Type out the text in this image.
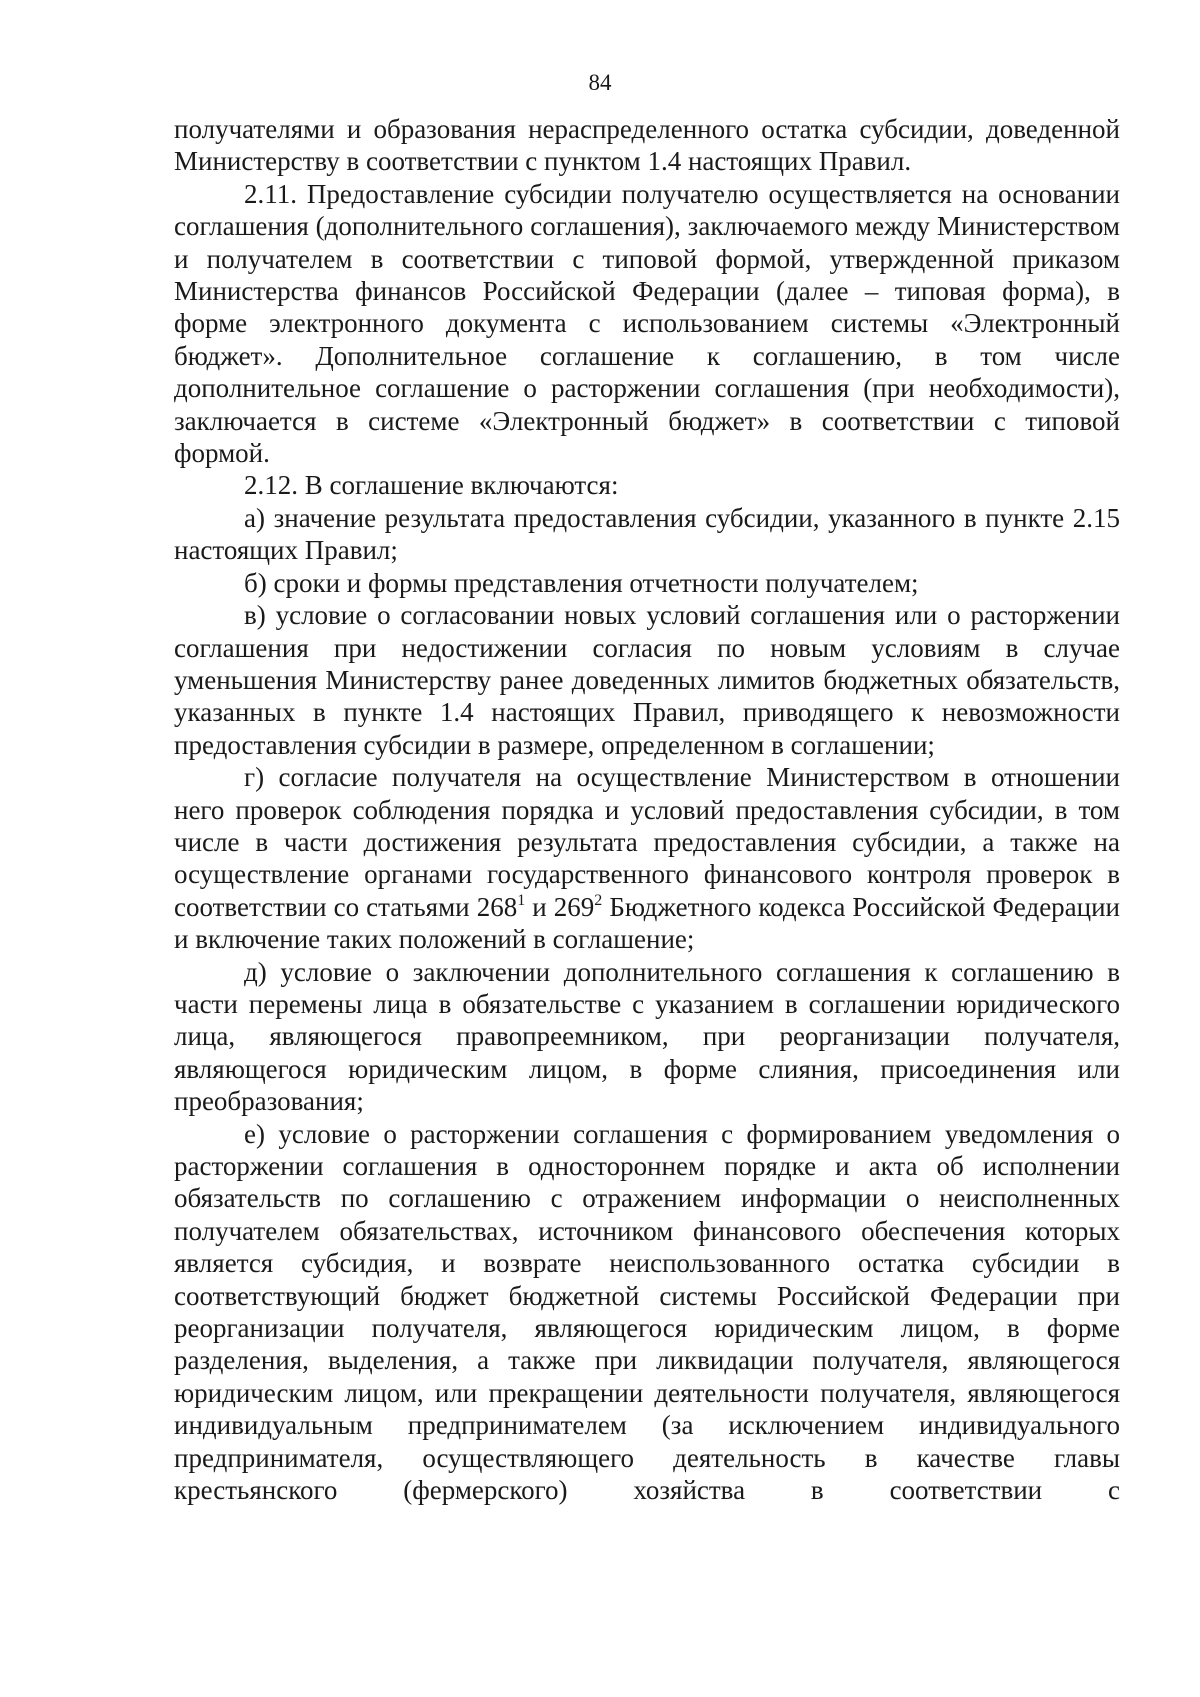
84

получателями и образования нераспределенного остатка субсидии, доведенной Министерству в соответствии с пунктом 1.4 настоящих Правил.

2.11. Предоставление субсидии получателю осуществляется на основании соглашения (дополнительного соглашения), заключаемого между Министерством и получателем в соответствии с типовой формой, утвержденной приказом Министерства финансов Российской Федерации (далее – типовая форма), в форме электронного документа с использованием системы «Электронный бюджет». Дополнительное соглашение к соглашению, в том числе дополнительное соглашение о расторжении соглашения (при необходимости), заключается в системе «Электронный бюджет» в соответствии с типовой формой.

2.12. В соглашение включаются:

а) значение результата предоставления субсидии, указанного в пункте 2.15 настоящих Правил;

б) сроки и формы представления отчетности получателем;

в) условие о согласовании новых условий соглашения или о расторжении соглашения при недостижении согласия по новым условиям в случае уменьшения Министерству ранее доведенных лимитов бюджетных обязательств, указанных в пункте 1.4 настоящих Правил, приводящего к невозможности предоставления субсидии в размере, определенном в соглашении;

г) согласие получателя на осуществление Министерством в отношении него проверок соблюдения порядка и условий предоставления субсидии, в том числе в части достижения результата предоставления субсидии, а также на осуществление органами государственного финансового контроля проверок в соответствии со статьями $268^1$ и $269^2$ Бюджетного кодекса Российской Федерации и включение таких положений в соглашение;

д) условие о заключении дополнительного соглашения к соглашению в части перемены лица в обязательстве с указанием в соглашении юридического лица, являющегося правопреемником, при реорганизации получателя, являющегося юридическим лицом, в форме слияния, присоединения или преобразования;

е) условие о расторжении соглашения с формированием уведомления о расторжении соглашения в одностороннем порядке и акта об исполнении обязательств по соглашению с отражением информации о неисполненных получателем обязательствах, источником финансового обеспечения которых является субсидия, и возврате неиспользованного остатка субсидии в соответствующий бюджет бюджетной системы Российской Федерации при реорганизации получателя, являющегося юридическим лицом, в форме разделения, выделения, а также при ликвидации получателя, являющегося юридическим лицом, или прекращении деятельности получателя, являющегося индивидуальным предпринимателем (за исключением индивидуального предпринимателя, осуществляющего деятельность в качестве главы крестьянского (фермерского) хозяйства в соответствии с
